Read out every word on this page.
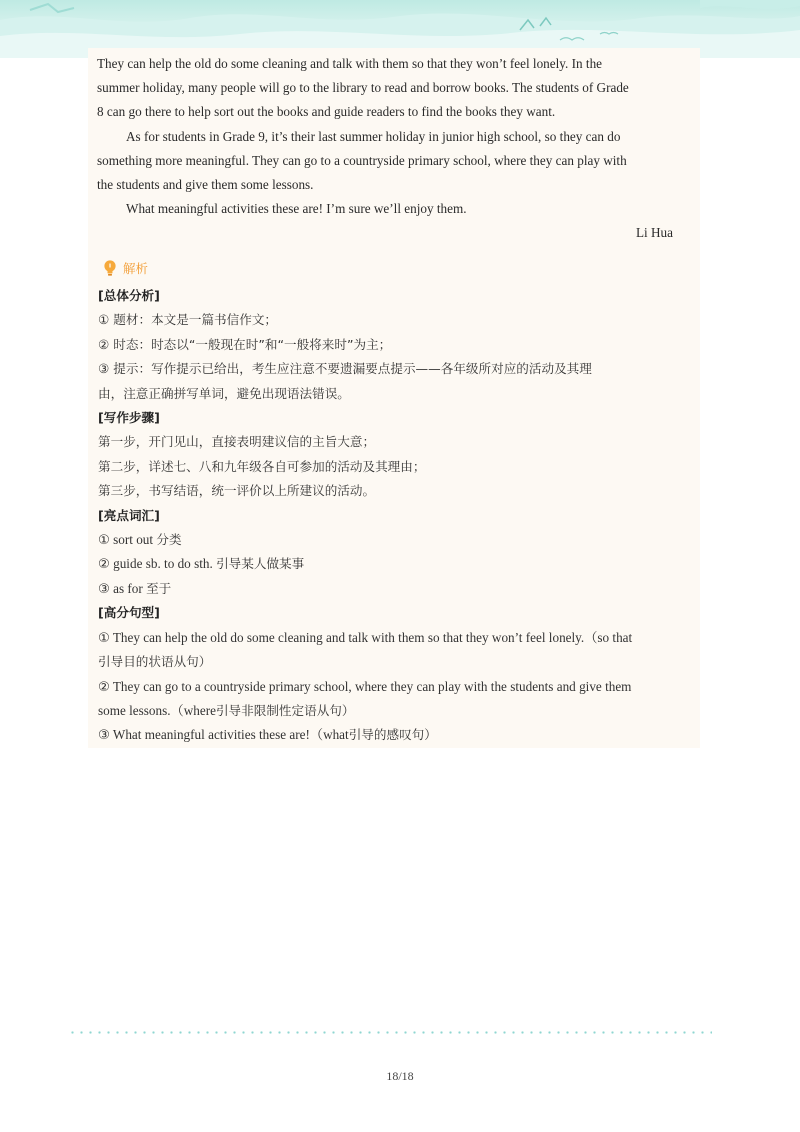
They can help the old do some cleaning and talk with them so that they won’t feel lonely. In the

summer holiday, many people will go to the library to read and borrow books. The students of Grade

8 can go there to help sort out the books and guide readers to find the books they want.

As for students in Grade 9, it’s their last summer holiday in junior high school, so they can do

something more meaningful. They can go to a countryside primary school, where they can play with

the students and give them some lessons.

What meaningful activities these are! I’m sure we’ll enjoy them.

Li Hua

解析

[总体分析]

① 题材：本文是一篇书信作文；

② 时态：时态以“一般现在时”和“一般将来时”为主；

③ 提示：写作提示已给出，考生应注意不要遗漏要点提示——各年级所对应的活动及其理

由，注意正确拼写单词，避免出现语法错误。

[写作步骤]

第一步，开门见山，直接表明建议信的主旨大意；

第二步，详述七、八和九年级各自可参加的活动及其理由；

第三步，书写结语，统一评价以上所建议的活动。

[亮点词汇]

① sort out 分类

② guide sb. to do sth. 引导某人做某事

③ as for 至于

[高分句型]

① They can help the old do some cleaning and talk with them so that they won’t feel lonely.（so that

引导目的状语从句）

② They can go to a countryside primary school, where they can play with the students and give them

some lessons.（where引导非限制性定语从句）

③ What meaningful activities these are!（what引导的感叹句）

18/18
